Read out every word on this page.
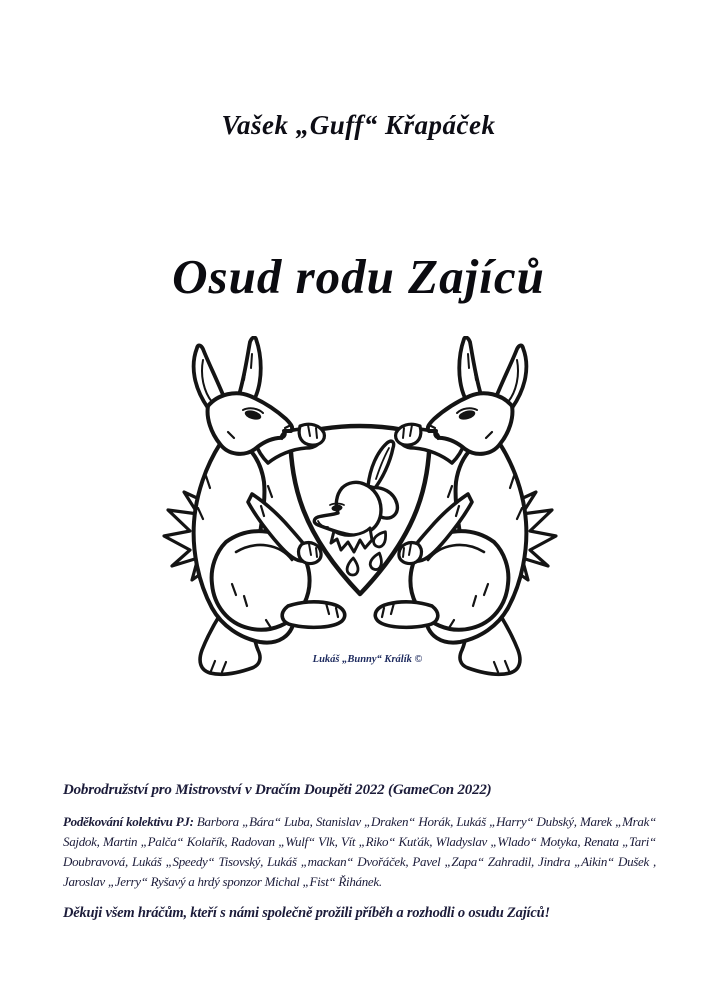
Vašek „Guff“ Křapáček
Osud rodu Zajíců
Lukáš „Bunny“ Králík ©

Dobrodružství pro Mistrovství v Dračím Doupěti 2022 (GameCon 2022)

Poděkování kolektivu PJ: Barbora „Bára“ Luba, Stanislav „Draken“ Horák, Lukáš „Harry“ Dubský, Marek „Mrak“ Sajdok, Martin „Palča“ Kolařík, Radovan „Wulf“ Vlk, Vít „Riko“ Kuťák, Wladyslav „Wlado“ Motyka, Renata „Tari“ Doubravová, Lukáš „Speedy“ Tisovský, Lukáš „mackan“ Dvořáček, Pavel „Zapa“ Zahradil, Jindra „Aikin“ Dušek , Jaroslav „Jerry“ Ryšavý a hrdý sponzor Michal „Fist“ Řihánek.

Děkuji všem hráčům, kteří s námi společně prožili příběh a rozhodli o osudu Zajíců!
